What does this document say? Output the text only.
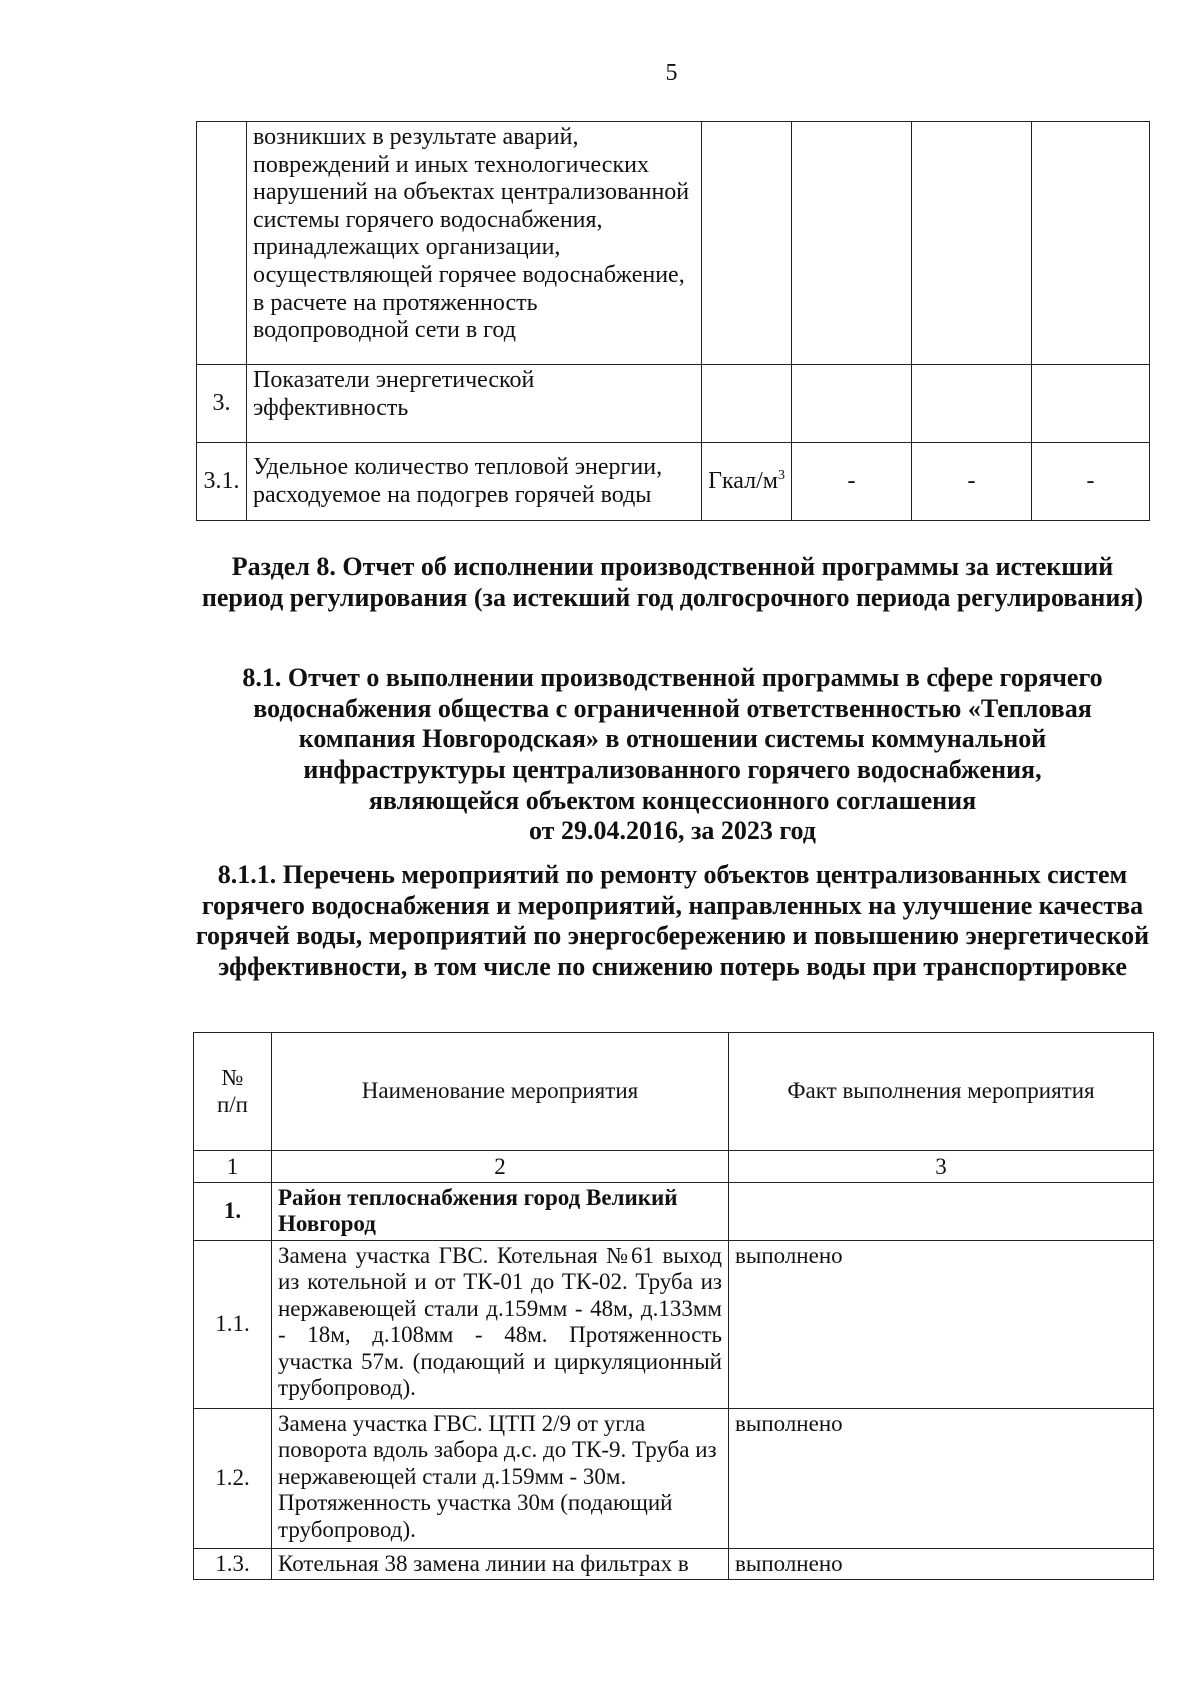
5
	возникших в результате аварий, повреждений и иных технологических нарушений на объектах централизованной системы горячего водоснабжения, принадлежащих организации, осуществляющей горячее водоснабжение, в расчете на протяженность водопроводной сети в год				
3.	Показатели энергетической эффективность				
3.1.	Удельное количество тепловой энергии, расходуемое на подогрев горячей воды	Гкал/$м^3$	-	-	-

Раздел 8. Отчет об исполнении производственной программы за истекший период регулирования (за истекший год долгосрочного периода регулирования)

8.1. Отчет о выполнении производственной программы в сфере горячего
водоснабжения общества с ограниченной ответственностью «Тепловая
компания Новгородская» в отношении системы коммунальной
инфраструктуры централизованного горячего водоснабжения,
являющейся объектом концессионного соглашения
от 29.04.2016, за 2023 год

8.1.1. Перечень мероприятий по ремонту объектов централизованных систем горячего водоснабжения и мероприятий, направленных на улучшение качества горячей воды, мероприятий по энергосбережению и повышению энергетической эффективности, в том числе по снижению потерь воды при транспортировке

№
п/п	Наименование мероприятия	Факт выполнения мероприятия
1	2	3
1.	Район теплоснабжения город Великий Новгород	
1.1.	Замена участка ГВС. Котельная №61 выход из котельной и от ТК-01 до ТК-02. Труба из нержавеющей стали д.159мм - 48м, д.133мм - 18м, д.108мм - 48м. Протяженность участка 57м. (подающий и циркуляционный трубопровод).	выполнено
1.2.	Замена участка ГВС. ЦТП 2/9 от угла поворота вдоль забора д.с. до ТК-9. Труба из нержавеющей стали д.159мм - 30м. Протяженность участка 30м (подающий трубопровод).	выполнено
1.3.	Котельная 38 замена линии на фильтрах в	выполнено
